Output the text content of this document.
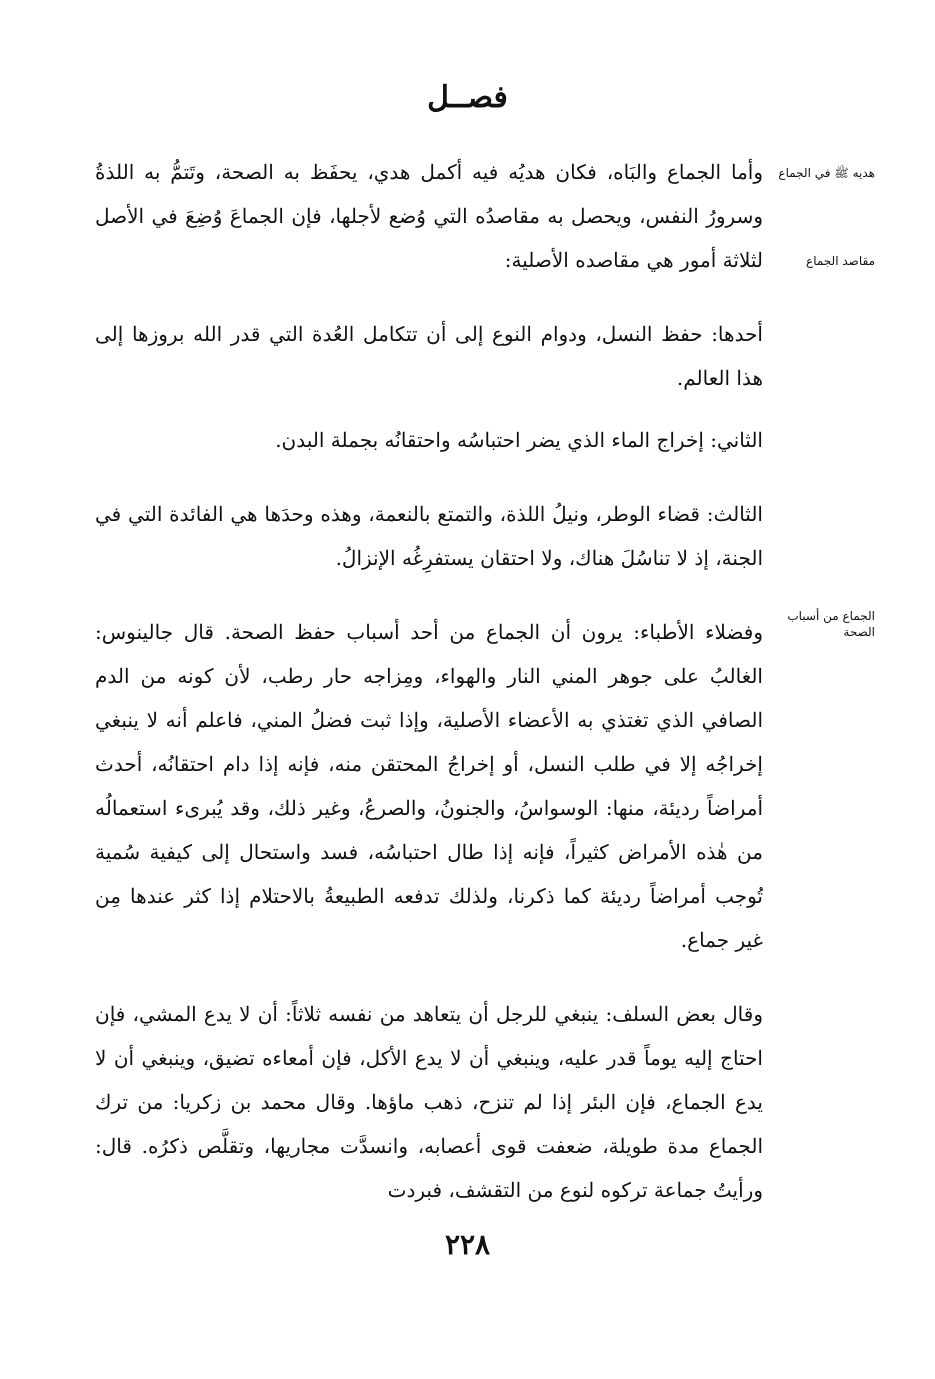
فصــل
هديه ﷺ في الجماع
مقاصد الجماع
الجماع من أسباب الصحة

وأما الجماع والبَاه، فكان هديُه فيه أكمل هدي، يحفَظ به الصحة، وتَتمُّ به اللذةُ وسرورُ النفس، ويحصل به مقاصدُه التي وُضع لأجلها، فإن الجماعَ وُضِعَ في الأصل لثلاثة أمور هي مقاصده الأصلية:

أحدها: حفظ النسل، ودوام النوع إلى أن تتكامل العُدة التي قدر الله بروزها إلى هذا العالم.

الثاني: إخراج الماء الذي يضر احتباسُه واحتقانُه بجملة البدن.

الثالث: قضاء الوطر، ونيلُ اللذة، والتمتع بالنعمة، وهذه وحدَها هي الفائدة التي في الجنة، إذ لا تناسُلَ هناك، ولا احتقان يستفرِغُه الإنزالُ.

وفضلاء الأطباء: يرون أن الجماع من أحد أسباب حفظ الصحة. قال جالينوس: الغالبُ على جوهر المني النار والهواء، ومِزاجه حار رطب، لأن كونه من الدم الصافي الذي تغتذي به الأعضاء الأصلية، وإذا ثبت فضلُ المني، فاعلم أنه لا ينبغي إخراجُه إلا في طلب النسل، أو إخراجُ المحتقن منه، فإنه إذا دام احتقانُه، أحدث أمراضاً رديئة، منها: الوسواسُ، والجنونُ، والصرعُ، وغير ذلك، وقد يُبرىء استعمالُه من هٰذه الأمراض كثيراً، فإنه إذا طال احتباسُه، فسد واستحال إلى كيفية سُمية تُوجب أمراضاً رديئة كما ذكرنا، ولذلك تدفعه الطبيعةُ بالاحتلام إذا كثر عندها مِن غير جماع.

وقال بعض السلف: ينبغي للرجل أن يتعاهد من نفسه ثلاثاً: أن لا يدع المشي، فإن احتاج إليه يوماً قدر عليه، وينبغي أن لا يدع الأكل، فإن أمعاءه تضيق، وينبغي أن لا يدع الجماع، فإن البئر إذا لم تنزح، ذهب ماؤها. وقال محمد بن زكريا: من ترك الجماع مدة طويلة، ضعفت قوى أعصابه، وانسدَّت مجاريها، وتقلَّص ذكرُه. قال: ورأيتُ جماعة تركوه لنوع من التقشف، فبردت

٢٢٨
